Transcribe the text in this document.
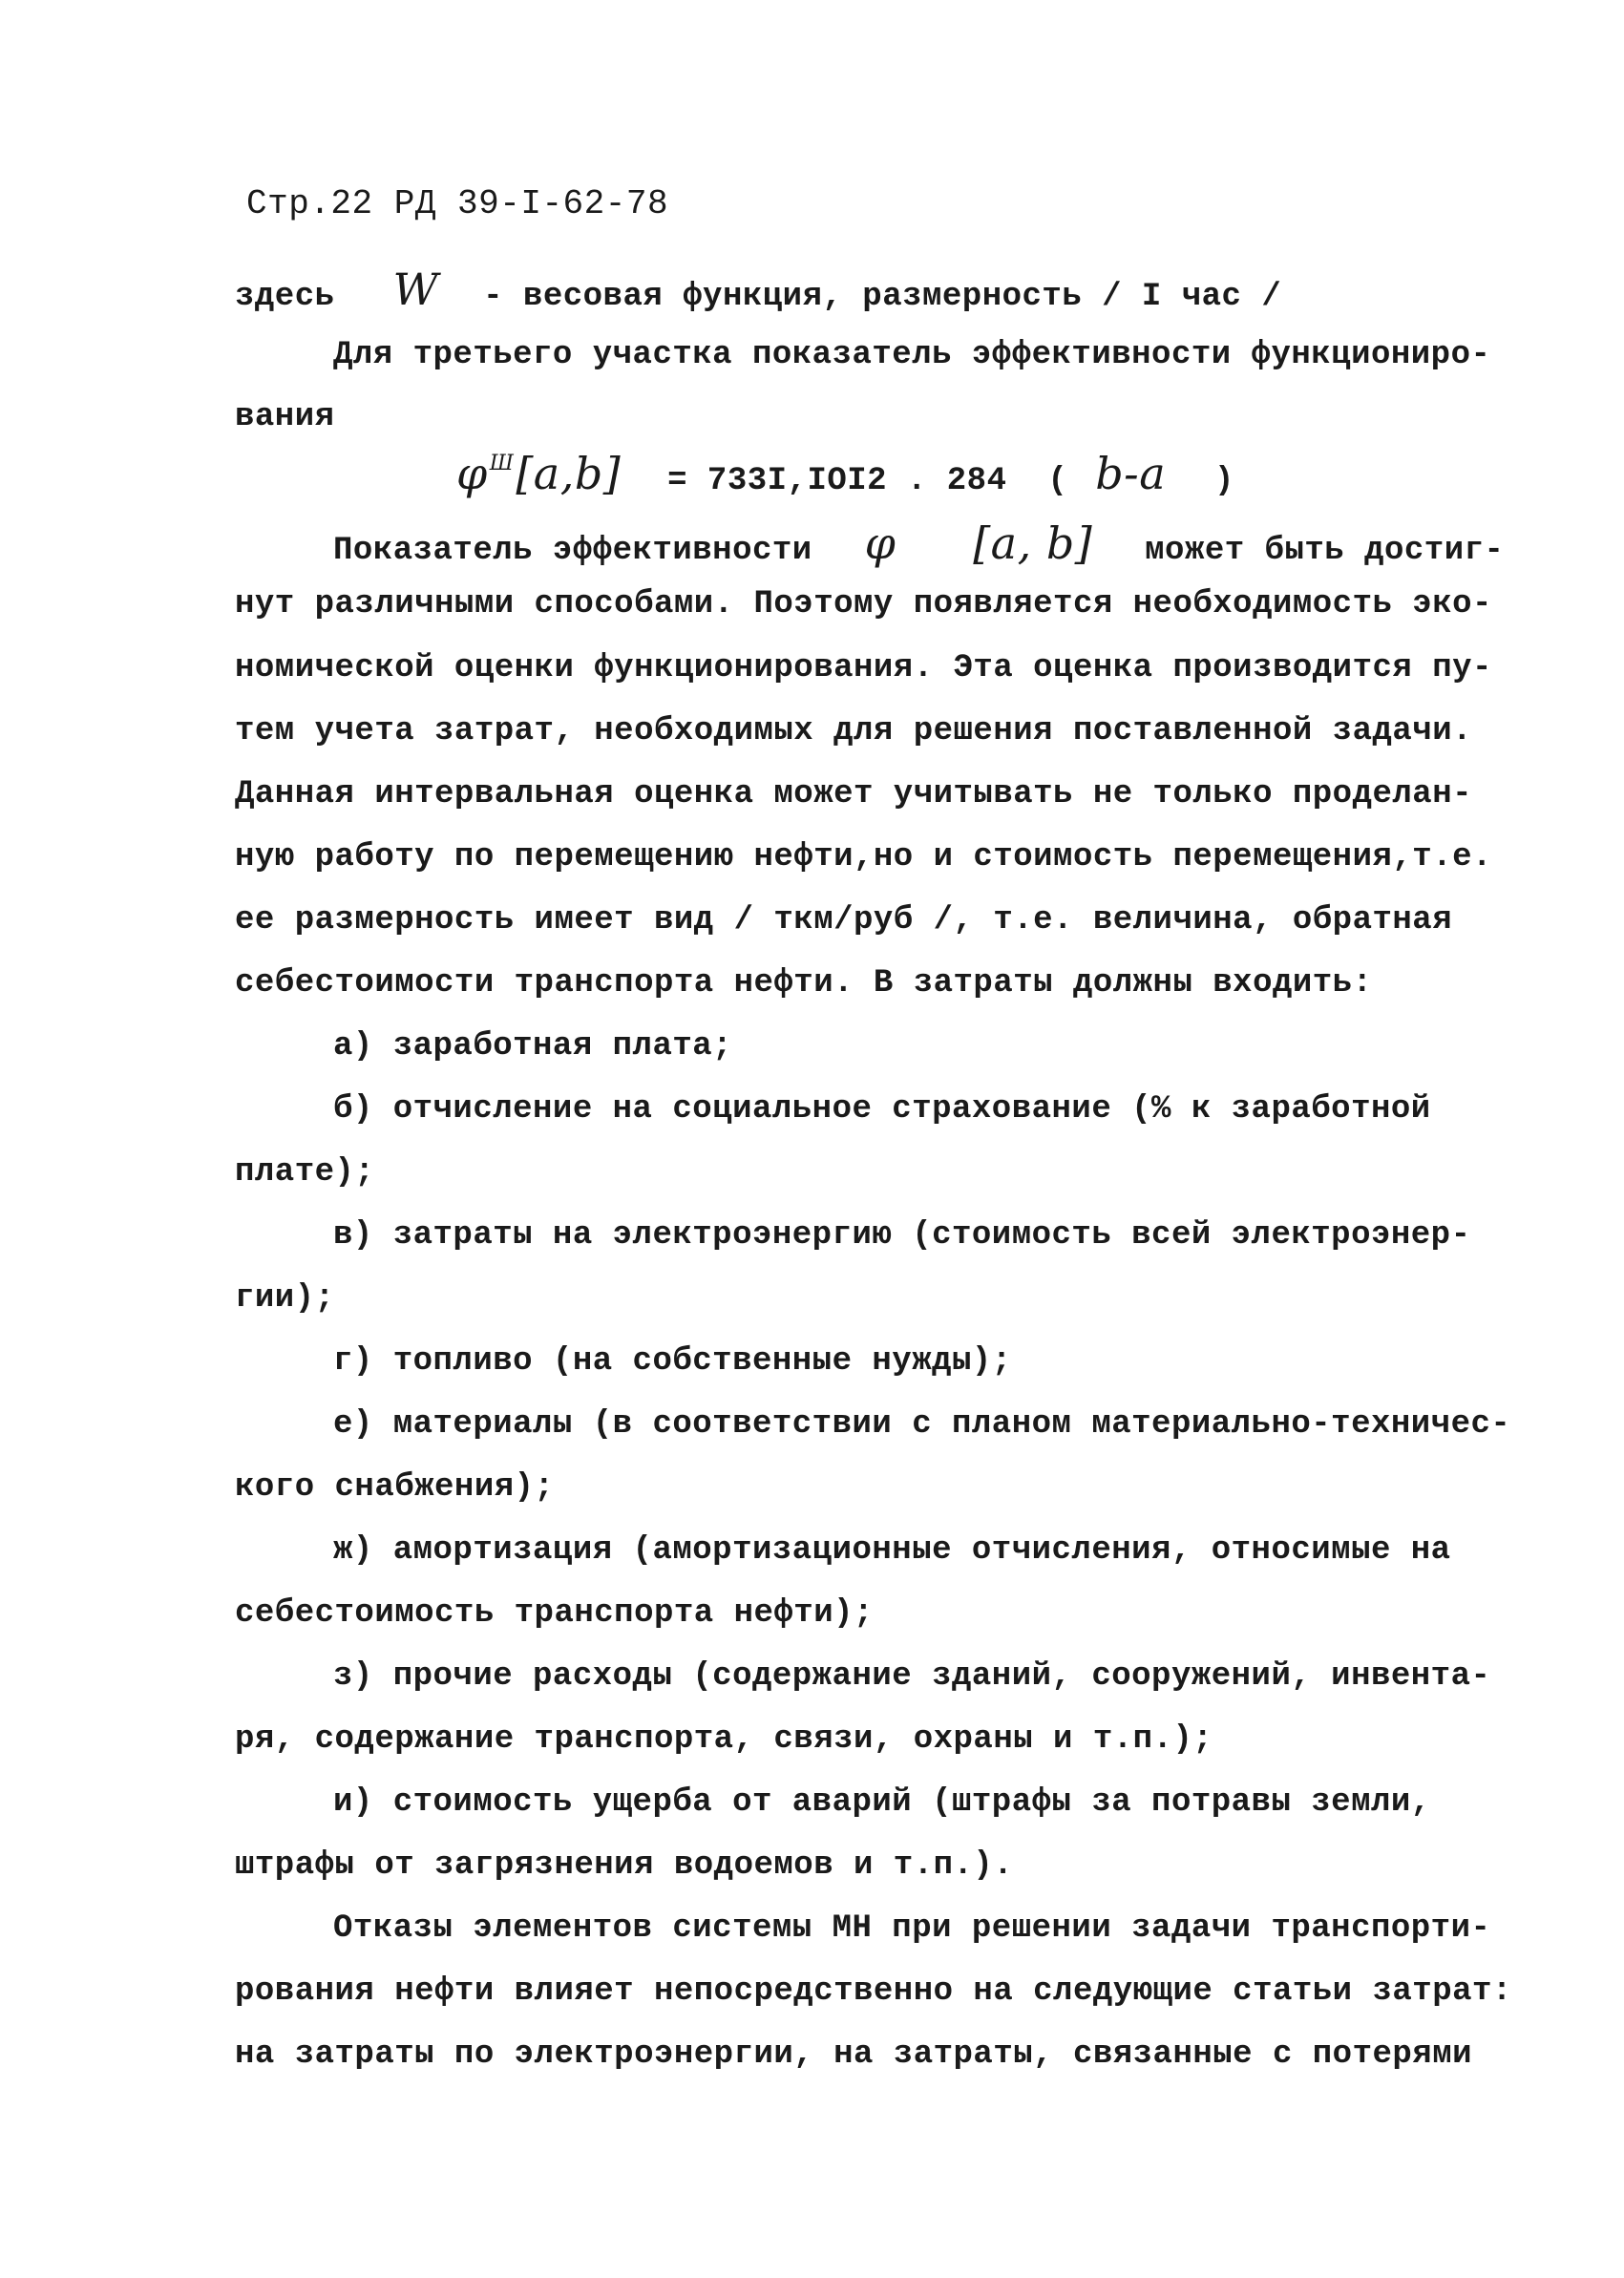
Стр.22 РД 39-I-62-78
здесь W - весовая функция, размерность / I час /
Для третьего участка показатель эффективности функциониро-
вания
$\varphi^Ш[a,b] = 733I,IOI2$ . 284 ( b-a )
Показатель эффективности φ [a, b] может быть достиг-
нут различными способами. Поэтому появляется необходимость эко-
номической оценки функционирования. Эта оценка производится пу-
тем учета затрат, необходимых для решения поставленной задачи.
Данная интервальная оценка может учитывать не только проделан-
ную работу по перемещению нефти,но и стоимость перемещения,т.е.
ее размерность имеет вид / ткм/руб /, т.е. величина, обратная
себестоимости транспорта нефти. В затраты должны входить:
а) заработная плата;
б) отчисление на социальное страхование (% к заработной
плате);
в) затраты на электроэнергию (стоимость всей электроэнер-
гии);
г) топливо (на собственные нужды);
е) материалы (в соответствии с планом материально-техничес-
кого снабжения);
ж) амортизация (амортизационные отчисления, относимые на
себестоимость транспорта нефти);
з) прочие расходы (содержание зданий, сооружений, инвента-
ря, содержание транспорта, связи, охраны и т.п.);
и) стоимость ущерба от аварий (штрафы за потравы земли,
штрафы от загрязнения водоемов и т.п.).
Отказы элементов системы МН при решении задачи транспорти-
рования нефти влияет непосредственно на следующие статьи затрат:
на затраты по электроэнергии, на затраты, связанные с потерями
